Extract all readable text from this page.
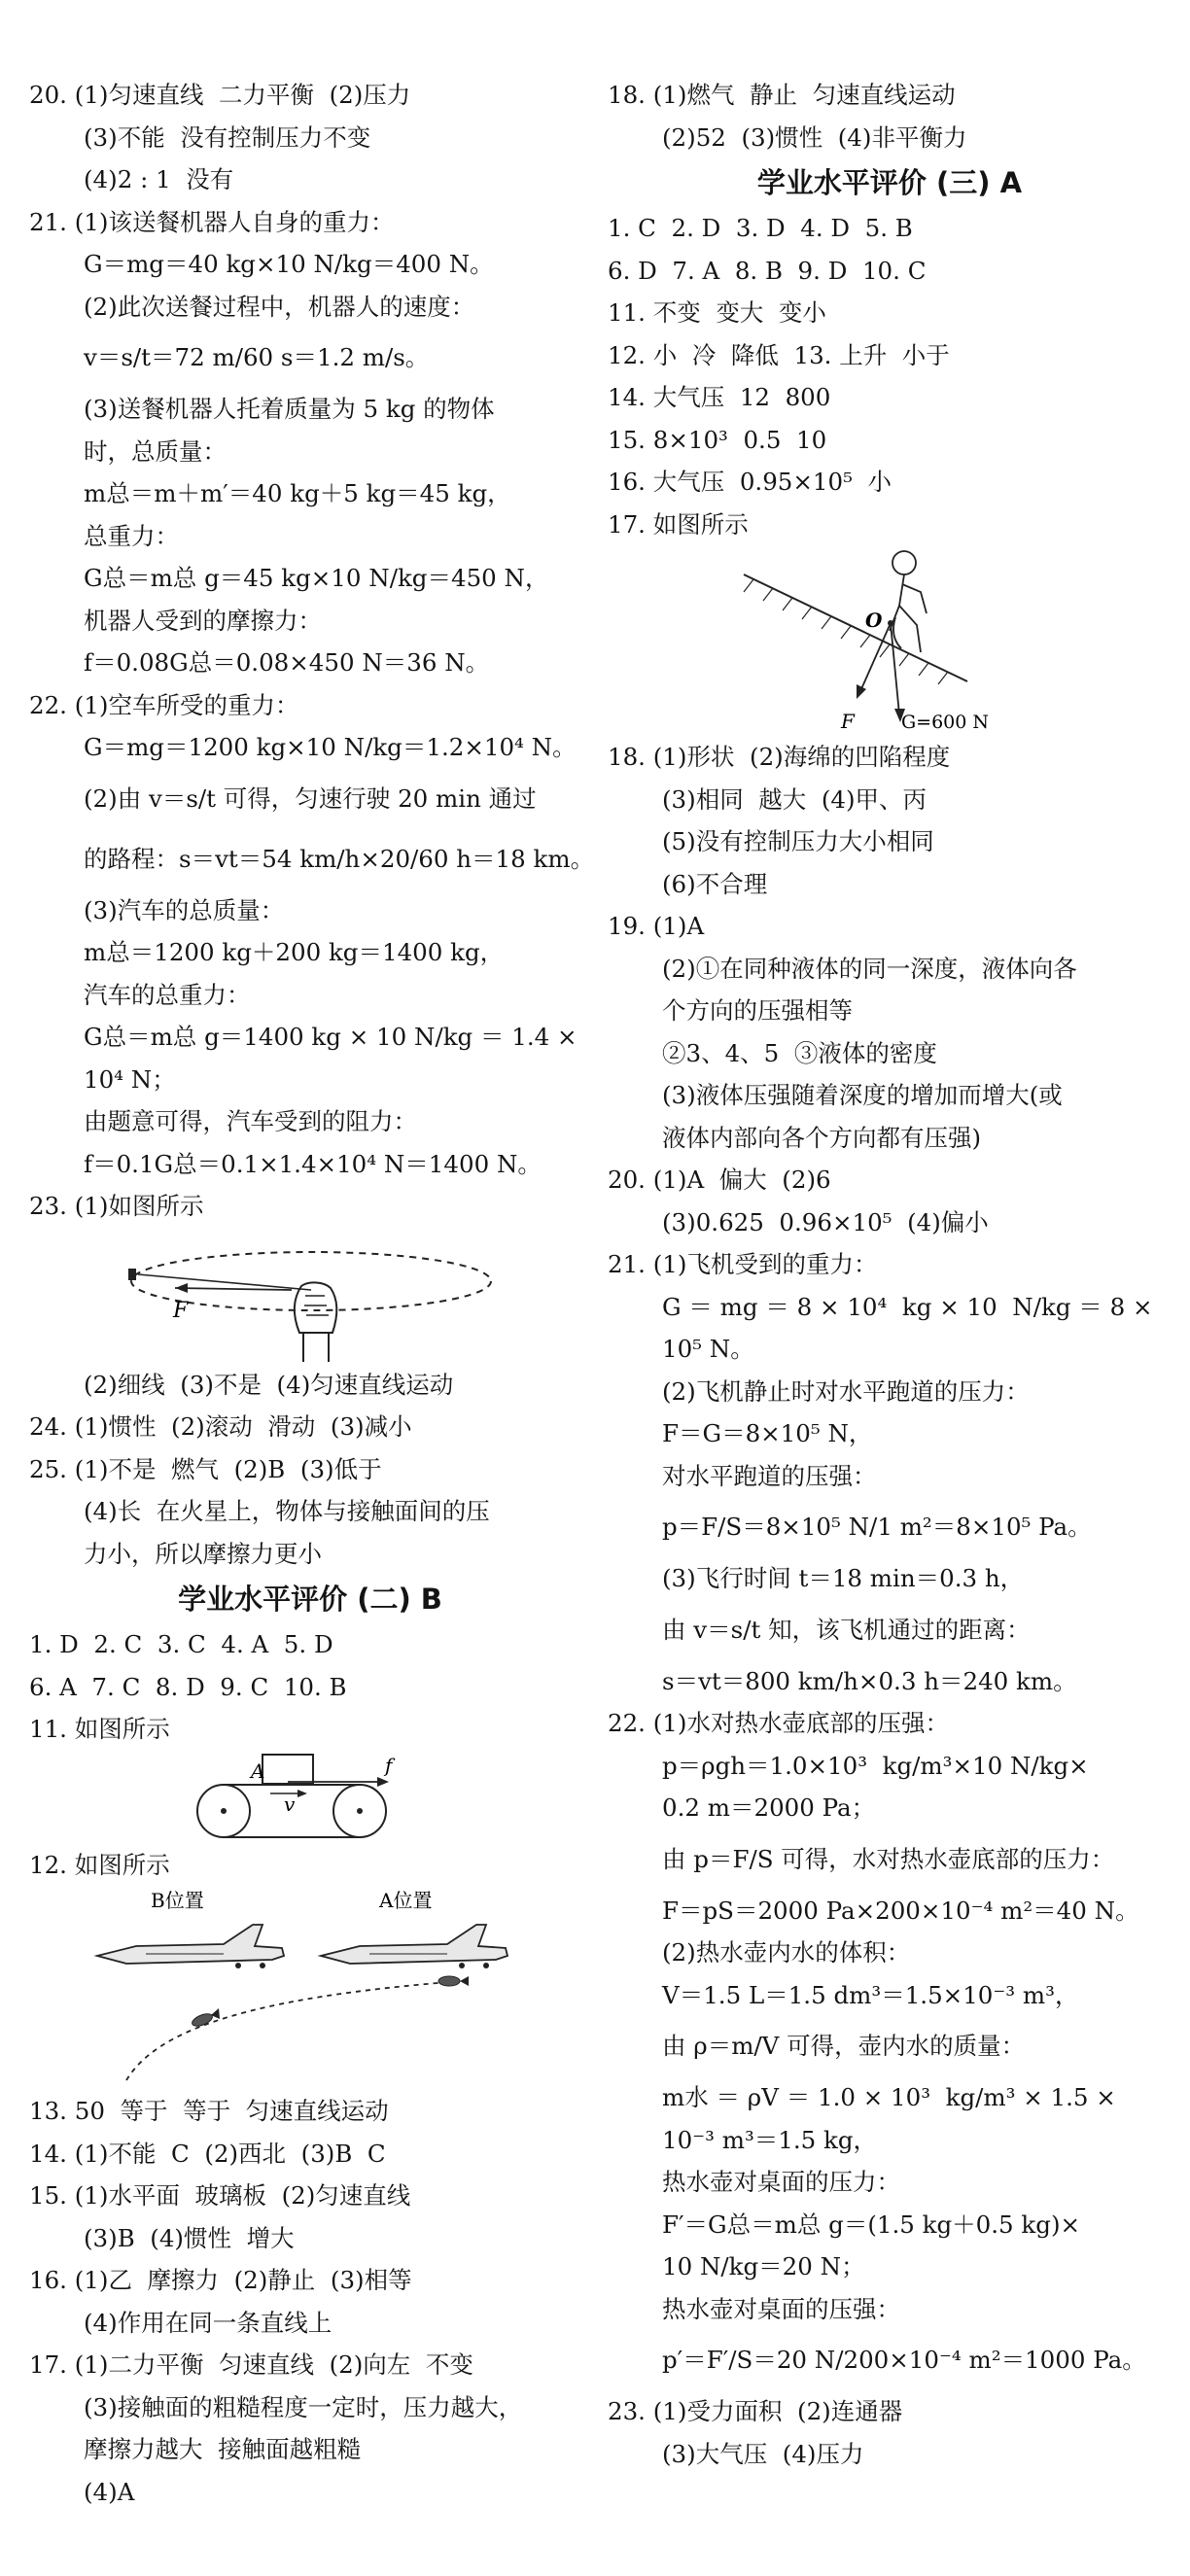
20. (1)匀速直线  二力平衡  (2)压力
(3)不能  没有控制压力不变
(4)2 : 1  没有
21. (1)该送餐机器人自身的重力：
G＝mg＝40 kg×10 N/kg＝400 N。
(2)此次送餐过程中，机器人的速度：
v＝s/t＝72 m/60 s＝1.2 m/s。
(3)送餐机器人托着质量为 5 kg 的物体
时，总质量：
m总＝m＋m′＝40 kg＋5 kg＝45 kg，
总重力：
G总＝m总 g＝45 kg×10 N/kg＝450 N，
机器人受到的摩擦力：
f＝0.08G总＝0.08×450 N＝36 N。
22. (1)空车所受的重力：
G＝mg＝1200 kg×10 N/kg＝1.2×10⁴ N。
(2)由 v＝s/t 可得，匀速行驶 20 min 通过
的路程：s＝vt＝54 km/h×20/60 h＝18 km。
(3)汽车的总质量：
m总＝1200 kg＋200 kg＝1400 kg，
汽车的总重力：
G总＝m总 g＝1400 kg × 10 N/kg ＝ 1.4 ×
10⁴ N；
由题意可得，汽车受到的阻力：
f＝0.1G总＝0.1×1.4×10⁴ N＝1400 N。
23. (1)如图所示
F
(2)细线  (3)不是  (4)匀速直线运动
24. (1)惯性  (2)滚动  滑动  (3)减小
25. (1)不是  燃气  (2)B  (3)低于
(4)长  在火星上，物体与接触面间的压
力小，所以摩擦力更小
学业水平评价 (二) B
1. D  2. C  3. C  4. A  5. D
6. A  7. C  8. D  9. C  10. B
11. 如图所示
A	f
v
12. 如图所示
B位置	A位置
13. 50  等于  等于  匀速直线运动
14. (1)不能  C  (2)西北  (3)B  C
15. (1)水平面  玻璃板  (2)匀速直线
(3)B  (4)惯性  增大
16. (1)乙  摩擦力  (2)静止  (3)相等
(4)作用在同一条直线上
17. (1)二力平衡  匀速直线  (2)向左  不变
(3)接触面的粗糙程度一定时，压力越大，
摩擦力越大  接触面越粗糙
(4)A
18. (1)燃气  静止  匀速直线运动
(2)52  (3)惯性  (4)非平衡力
学业水平评价 (三) A
1. C  2. D  3. D  4. D  5. B
6. D  7. A  8. B  9. D  10. C
11. 不变  变大  变小
12. 小  冷  降低  13. 上升  小于
14. 大气压  12  800
15. 8×10³  0.5  10
16. 大气压  0.95×10⁵  小
17. 如图所示
O
F	G=600 N
18. (1)形状  (2)海绵的凹陷程度
(3)相同  越大  (4)甲、丙
(5)没有控制压力大小相同
(6)不合理
19. (1)A
(2)①在同种液体的同一深度，液体向各
个方向的压强相等
②3、4、5  ③液体的密度
(3)液体压强随着深度的增加而增大(或
液体内部向各个方向都有压强)
20. (1)A  偏大  (2)6
(3)0.625  0.96×10⁵  (4)偏小
21. (1)飞机受到的重力：
G ＝ mg ＝ 8 × 10⁴  kg × 10  N/kg ＝ 8 ×
10⁵ N。
(2)飞机静止时对水平跑道的压力：
F＝G＝8×10⁵ N，
对水平跑道的压强：
p＝F/S＝8×10⁵ N/1 m²＝8×10⁵ Pa。
(3)飞行时间 t＝18 min＝0.3 h，
由 v＝s/t 知，该飞机通过的距离：
s＝vt＝800 km/h×0.3 h＝240 km。
22. (1)水对热水壶底部的压强：
p＝ρgh＝1.0×10³  kg/m³×10 N/kg×
0.2 m＝2000 Pa；
由 p＝F/S 可得，水对热水壶底部的压力：
F＝pS＝2000 Pa×200×10⁻⁴ m²＝40 N。
(2)热水壶内水的体积：
V＝1.5 L＝1.5 dm³＝1.5×10⁻³ m³，
由 ρ＝m/V 可得，壶内水的质量：
m水 ＝ ρV ＝ 1.0 × 10³  kg/m³ × 1.5 ×
10⁻³ m³＝1.5 kg，
热水壶对桌面的压力：
F′＝G总＝m总 g＝(1.5 kg＋0.5 kg)×
10 N/kg＝20 N；
热水壶对桌面的压强：
p′＝F′/S＝20 N/200×10⁻⁴ m²＝1000 Pa。
23. (1)受力面积  (2)连通器
(3)大气压  (4)压力
